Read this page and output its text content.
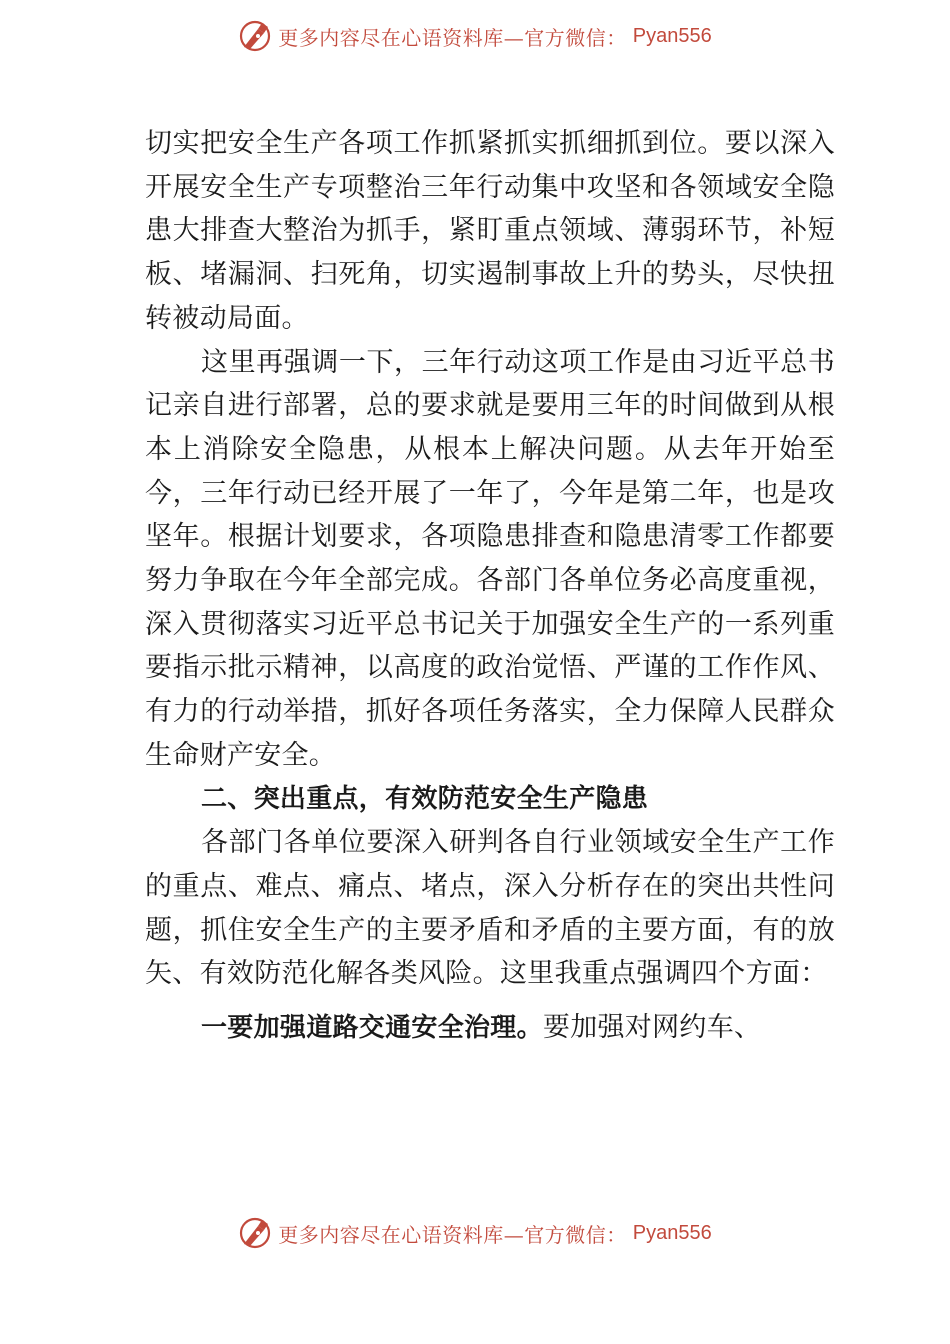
更多内容尽在心语资料库—官方微信： Pyan556

切实把安全生产各项工作抓紧抓实抓细抓到位。要以深入开展安全生产专项整治三年行动集中攻坚和各领域安全隐患大排查大整治为抓手，紧盯重点领域、薄弱环节，补短板、堵漏洞、扫死角，切实遏制事故上升的势头，尽快扭转被动局面。

这里再强调一下，三年行动这项工作是由习近平总书记亲自进行部署，总的要求就是要用三年的时间做到从根本上消除安全隐患，从根本上解决问题。从去年开始至今，三年行动已经开展了一年了，今年是第二年，也是攻坚年。根据计划要求，各项隐患排查和隐患清零工作都要努力争取在今年全部完成。各部门各单位务必高度重视，深入贯彻落实习近平总书记关于加强安全生产的一系列重要指示批示精神，以高度的政治觉悟、严谨的工作作风、有力的行动举措，抓好各项任务落实，全力保障人民群众生命财产安全。

二、突出重点，有效防范安全生产隐患

各部门各单位要深入研判各自行业领域安全生产工作的重点、难点、痛点、堵点，深入分析存在的突出共性问题，抓住安全生产的主要矛盾和矛盾的主要方面，有的放矢、有效防范化解各类风险。这里我重点强调四个方面：

一要加强道路交通安全治理。要加强对网约车、

更多内容尽在心语资料库—官方微信： Pyan556
